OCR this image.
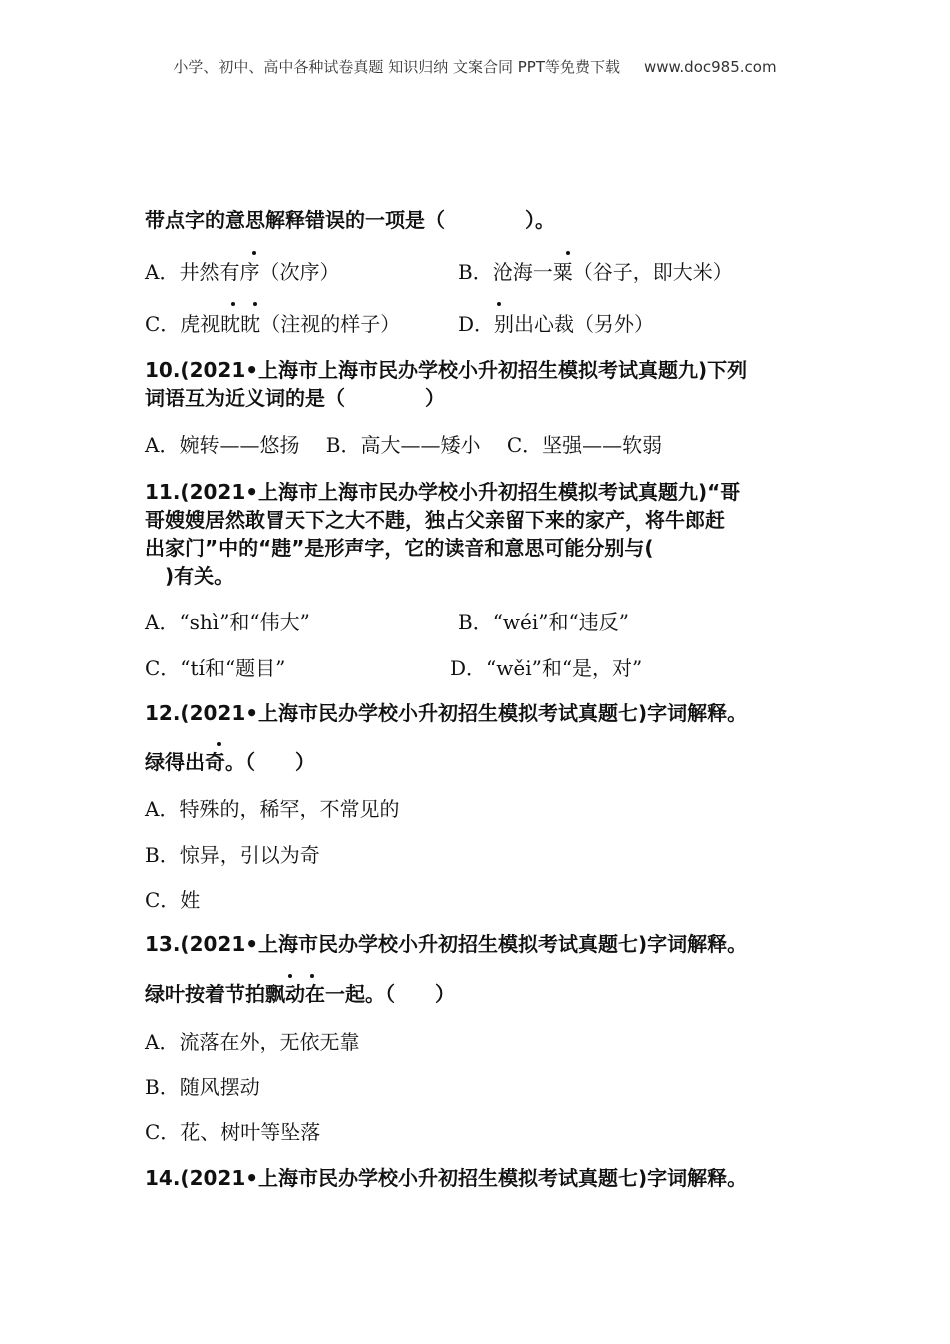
小学、初中、高中各种试卷真题 知识归纳 文案合同 PPT等免费下载 www.doc985.com
带点字的意思解释错误的一项是（　　　　）。
A．井然有序（次序）	B．沧海一粟（谷子，即大米）
C．虎视眈眈（注视的样子）	D．别出心裁（另外）
10.(2021•上海市上海市民办学校小升初招生模拟考试真题九)下列
词语互为近义词的是（　　　　）
A．婉转——悠扬　 B．高大——矮小　 C．坚强——软弱
11.(2021•上海市上海市民办学校小升初招生模拟考试真题九)“哥
哥嫂嫂居然敢冒天下之大不韪，独占父亲留下来的家产，将牛郎赶
出家门”中的“韪”是形声字，它的读音和意思可能分别与(
　)有关。
A．“shì”和“伟大”	B．“wéi”和“违反”
C．“tí和“题目”	D．“wěi”和“是，对”
12.(2021•上海市民办学校小升初招生模拟考试真题七)字词解释。
绿得出奇。（　　）
A．特殊的，稀罕，不常见的
B．惊异，引以为奇
C．姓
13.(2021•上海市民办学校小升初招生模拟考试真题七)字词解释。
绿叶按着节拍飘动在一起。（　　）
A．流落在外，无依无靠
B．随风摆动
C．花、树叶等坠落
14.(2021•上海市民办学校小升初招生模拟考试真题七)字词解释。
